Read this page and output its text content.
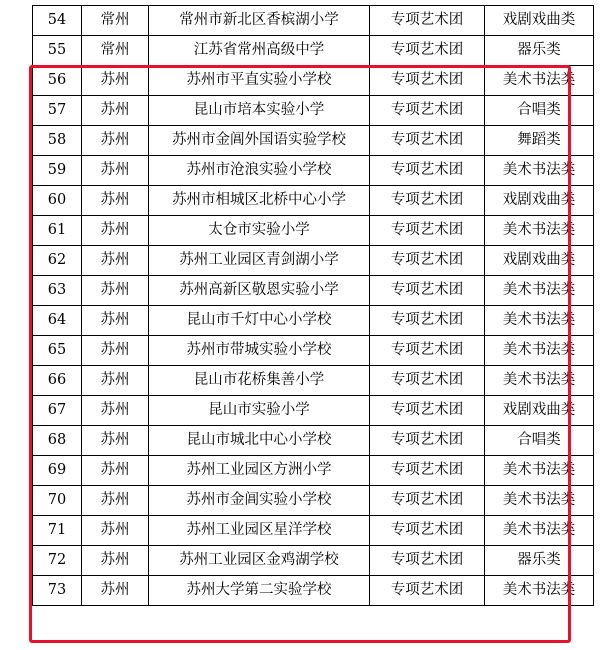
54	常州	常州市新北区香槟湖小学	专项艺术团	戏剧戏曲类
55	常州	江苏省常州高级中学	专项艺术团	器乐类
56	苏州	苏州市平直实验小学校	专项艺术团	美术书法类
57	苏州	昆山市培本实验小学	专项艺术团	合唱类
58	苏州	苏州市金阊外国语实验学校	专项艺术团	舞蹈类
59	苏州	苏州市沧浪实验小学校	专项艺术团	美术书法类
60	苏州	苏州市相城区北桥中心小学	专项艺术团	戏剧戏曲类
61	苏州	太仓市实验小学	专项艺术团	美术书法类
62	苏州	苏州工业园区青剑湖小学	专项艺术团	戏剧戏曲类
63	苏州	苏州高新区敬恩实验小学	专项艺术团	美术书法类
64	苏州	昆山市千灯中心小学校	专项艺术团	美术书法类
65	苏州	苏州市带城实验小学校	专项艺术团	美术书法类
66	苏州	昆山市花桥集善小学	专项艺术团	美术书法类
67	苏州	昆山市实验小学	专项艺术团	戏剧戏曲类
68	苏州	昆山市城北中心小学校	专项艺术团	合唱类
69	苏州	苏州工业园区方洲小学	专项艺术团	美术书法类
70	苏州	苏州市金阊实验小学校	专项艺术团	美术书法类
71	苏州	苏州工业园区星洋学校	专项艺术团	美术书法类
72	苏州	苏州工业园区金鸡湖学校	专项艺术团	器乐类
73	苏州	苏州大学第二实验学校	专项艺术团	美术书法类
